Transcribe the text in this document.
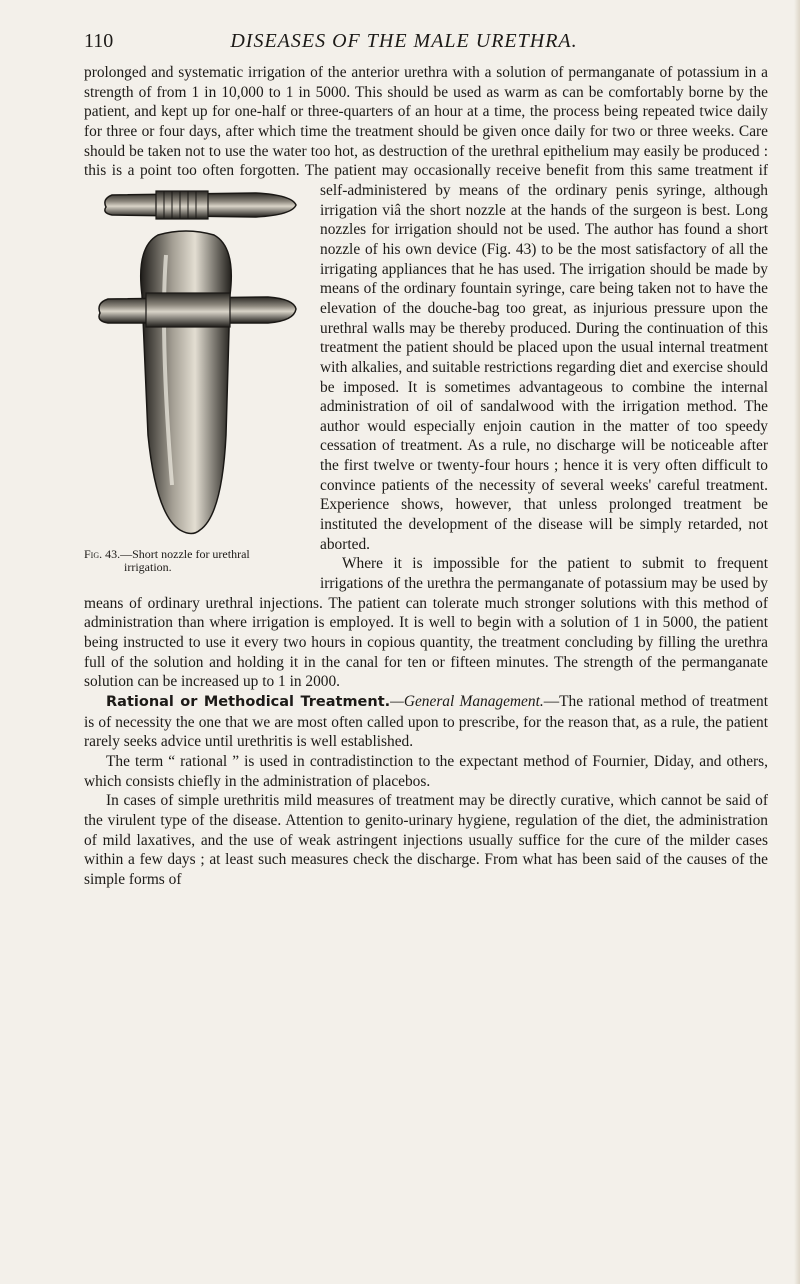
110	DISEASES OF THE MALE URETHRA.

prolonged and systematic irrigation of the anterior urethra with a solution of permanganate of potassium in a strength of from 1 in 10,000 to 1 in 5000. This should be used as warm as can be comfortably borne by the patient, and kept up for one-half or three-quarters of an hour at a time, the process being repeated twice daily for three or four days, after which time the treatment should be given once daily for two or three weeks. Care should be taken not to use the water too hot, as destruction of the urethral epithelium may easily be produced : this is a point too often forgotten. The patient may occasionally receive benefit from this same treatment if self-administered by
Fig. 43.—Short nozzle for urethral
irrigation.
means of the ordinary penis syringe, although irrigation viâ the short nozzle at the hands of the surgeon is best. Long nozzles for irrigation should not be used. The author has found a short nozzle of his own device (Fig. 43) to be the most satisfactory of all the irrigating appliances that he has used. The irrigation should be made by means of the ordinary fountain syringe, care being taken not to have the elevation of the douche-bag too great, as injurious pressure upon the urethral walls may be thereby produced. During the continuation of this treatment the patient should be placed upon the usual internal treatment with alkalies, and suitable restrictions regarding diet and exercise should be imposed. It is sometimes advantageous to combine the internal administration of oil of sandalwood with the irrigation method. The author would especially enjoin caution in the matter of too speedy cessation of treatment. As a rule, no discharge will be noticeable after the first twelve or twenty-four hours ; hence it is very often difficult to convince patients of the necessity of several weeks' careful treatment. Experience shows, however, that unless prolonged treatment be instituted the development of the disease will be simply retarded, not aborted.

Where it is impossible for the patient to submit to frequent irrigations of the urethra the permanganate of potassium may be used by means of ordinary urethral injections. The patient can tolerate much stronger solutions with this method of administration than where irrigation is employed. It is well to begin with a solution of 1 in 5000, the patient being instructed to use it every two hours in copious quantity, the treatment concluding by filling the urethra full of the solution and holding it in the canal for ten or fifteen minutes. The strength of the permanganate solution can be increased up to 1 in 2000.

Rational or Methodical Treatment.—General Management.—The rational method of treatment is of necessity the one that we are most often called upon to prescribe, for the reason that, as a rule, the patient rarely seeks advice until urethritis is well established.

The term “ rational ” is used in contradistinction to the expectant method of Fournier, Diday, and others, which consists chiefly in the administration of placebos.

In cases of simple urethritis mild measures of treatment may be directly curative, which cannot be said of the virulent type of the disease. Attention to genito-urinary hygiene, regulation of the diet, the administration of mild laxatives, and the use of weak astringent injections usually suffice for the cure of the milder cases within a few days ; at least such measures check the discharge. From what has been said of the causes of the simple forms of
